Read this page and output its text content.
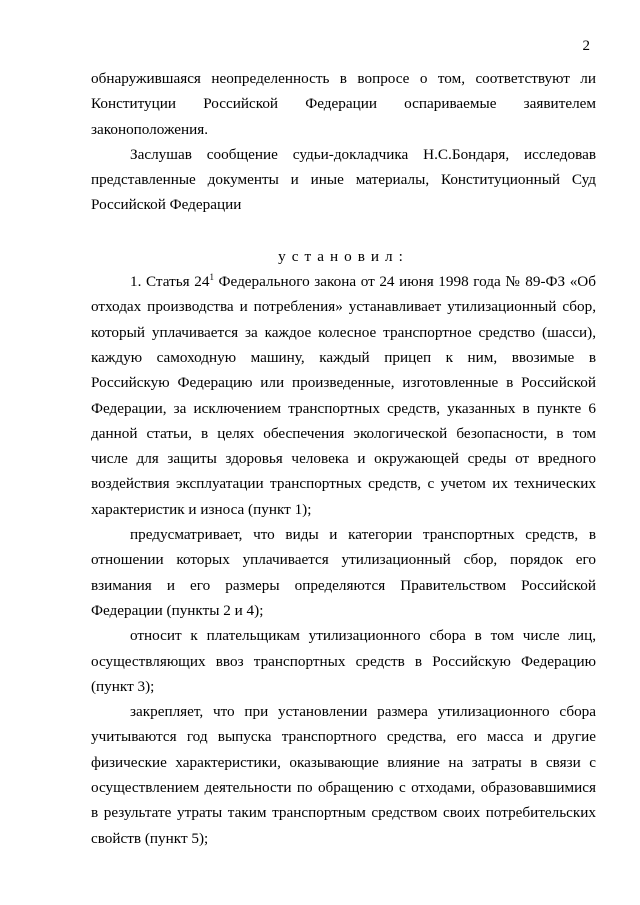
2
обнаружившаяся неопределенность в вопросе о том, соответствуют ли
Конституции Российской Федерации оспариваемые заявителем
законоположения.
Заслушав сообщение судьи-докладчика Н.С.Бондаря, исследовав
представленные документы и иные материалы, Конституционный Суд
Российской Федерации
установил:
1. Статья $24^1$ Федерального закона от 24 июня 1998 года № 89-ФЗ «Об
отходах производства и потребления» устанавливает утилизационный сбор,
который уплачивается за каждое колесное транспортное средство (шасси),
каждую самоходную машину, каждый прицеп к ним, ввозимые в
Российскую Федерацию или произведенные, изготовленные в Российской
Федерации, за исключением транспортных средств, указанных в пункте 6
данной статьи, в целях обеспечения экологической безопасности, в том
числе для защиты здоровья человека и окружающей среды от вредного
воздействия эксплуатации транспортных средств, с учетом их технических
характеристик и износа (пункт 1);
предусматривает, что виды и категории транспортных средств, в
отношении которых уплачивается утилизационный сбор, порядок его
взимания и его размеры определяются Правительством Российской
Федерации (пункты 2 и 4);
относит к плательщикам утилизационного сбора в том числе лиц,
осуществляющих ввоз транспортных средств в Российскую Федерацию
(пункт 3);
закрепляет, что при установлении размера утилизационного сбора
учитываются год выпуска транспортного средства, его масса и другие
физические характеристики, оказывающие влияние на затраты в связи с
осуществлением деятельности по обращению с отходами, образовавшимися
в результате утраты таким транспортным средством своих потребительских
свойств (пункт 5);
